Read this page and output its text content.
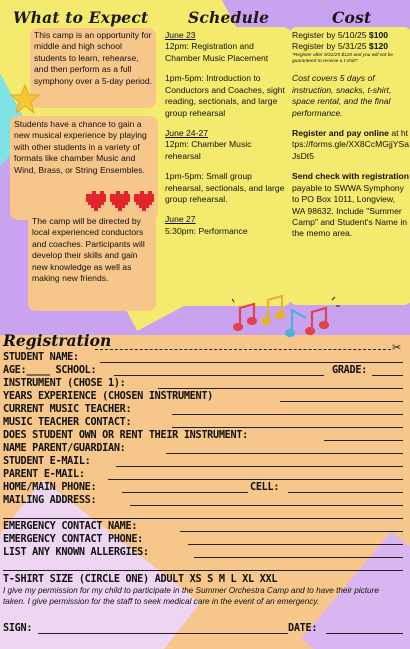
What to Expect	Schedule	Cost
This camp is an opportunity for middle and high school students to learn, rehearse, and then perform as a full symphony over a 5-day period.
Students have a chance to gain a new musical experience by playing with other students in a variety of formats like chamber Music and Wind, Brass, or String Ensembles.
The camp will be directed by local experienced conductors and coaches. Participants will develop their skills and gain new knowledge as well as making new friends.

June 23

12pm: Registration and Chamber Music Placement

1pm-5pm: Introduction to Conductors and Coaches, sight reading, sectionals, and large group rehearsal

June 24-27

12pm: Chamber Music rehearsal

1pm-5pm: Small group rehearsal, sectionals, and large group rehearsal.

June 27

5:30pm: Performance

Register by 5/10/25 $100

Register by 5/31/25 $120

*Register after 5/31/25 $120 and you will not be guaranteed to receive a t-shirt*

Cost covers 5 days of instruction, snacks, t-shirt, space rental, and the final performance.

Register and pay online at https://forms.gle/XX8CcMGjjYSaJsDt5

Send check with registration payable to SWWA Symphony to PO Box 1011, Longview, WA 98632. Include "Summer Camp" and Student's Name in the memo area.

Registration	✂
STUDENT NAME:
AGE:____ SCHOOL:	GRADE:
INSTRUMENT (CHOSE 1):
YEARS EXPERIENCE (CHOSEN INSTRUMENT)
CURRENT MUSIC TEACHER:
MUSIC TEACHER CONTACT:
DOES STUDENT OWN OR RENT THEIR INSTRUMENT:
NAME PARENT/GUARDIAN:
STUDENT E-MAIL:
PARENT E-MAIL:
HOME/MAIN PHONE:	CELL:
MAILING ADDRESS:
EMERGENCY CONTACT NAME:
EMERGENCY CONTACT PHONE:
LIST ANY KNOWN ALLERGIES:
T-SHIRT SIZE (CIRCLE ONE) ADULT XS S M L XL XXL
I give my permission for my child to participate in the Summer Orchestra Camp and to have their picture taken. I give permission for the staff to seek medical care in the event of an emergency.
SIGN:	DATE:
